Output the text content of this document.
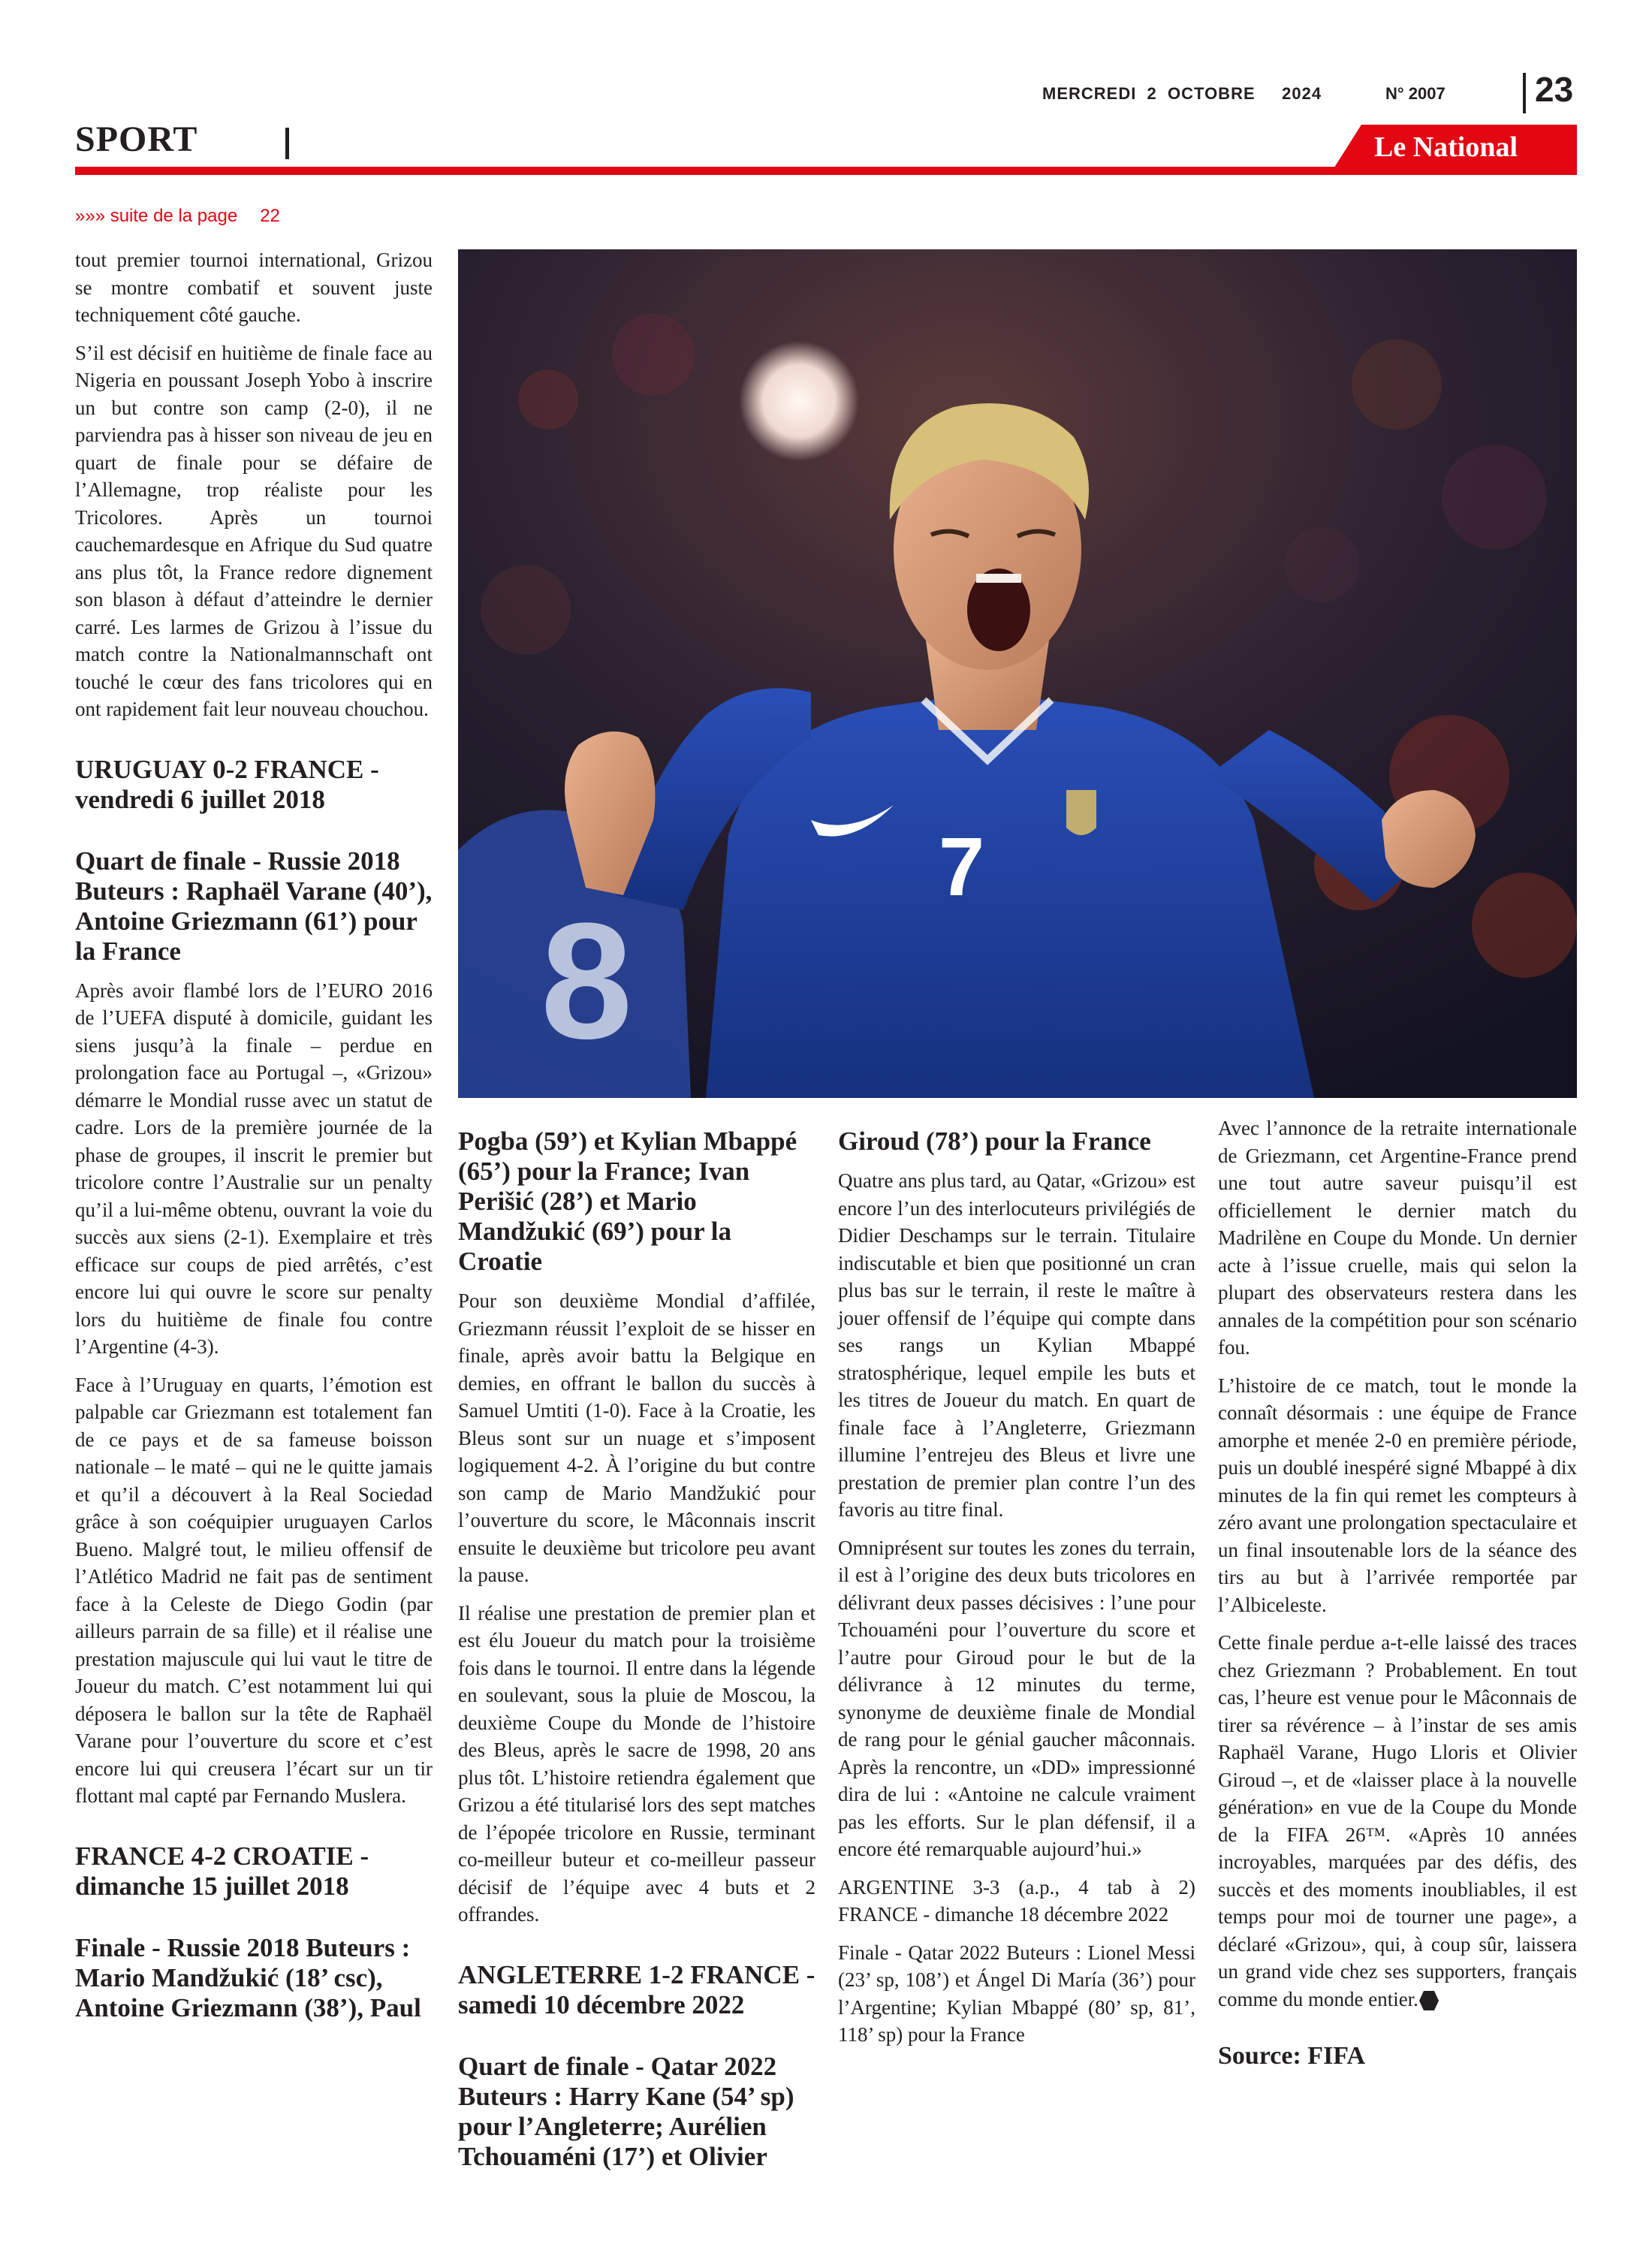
MERCREDI  2  OCTOBRE     2024	N° 2007	23
SPORT	Le National
»»» suite de la page 22
8
7

tout premier tournoi international, Grizou se montre combatif et souvent juste techniquement côté gauche.

S’il est décisif en huitième de finale face au Nigeria en poussant Joseph Yobo à inscrire un but contre son camp (2-0), il ne parviendra pas à hisser son niveau de jeu en quart de finale pour se défaire de l’Allemagne, trop réaliste pour les Tricolores. Après un tournoi cauchemardesque en Afrique du Sud quatre ans plus tôt, la France redore dignement son blason à défaut d’atteindre le dernier carré. Les larmes de Grizou à l’issue du match contre la Nationalmannschaft ont touché le cœur des fans tricolores qui en ont rapidement fait leur nouveau chouchou.

URUGUAY 0-2 FRANCE - vendredi 6 juillet 2018
Quart de finale - Russie 2018 Buteurs : Raphaël Varane (40’), Antoine Griezmann (61’) pour la France

Après avoir flambé lors de l’EURO 2016 de l’UEFA disputé à domicile, guidant les siens jusqu’à la finale – perdue en prolongation face au Portugal –, «Grizou» démarre le Mondial russe avec un statut de cadre. Lors de la première journée de la phase de groupes, il inscrit le premier but tricolore contre l’Australie sur un penalty qu’il a lui-même obtenu, ouvrant la voie du succès aux siens (2-1). Exemplaire et très efficace sur coups de pied arrêtés, c’est encore lui qui ouvre le score sur penalty lors du huitième de finale fou contre l’Argentine (4-3).

Face à l’Uruguay en quarts, l’émotion est palpable car Griezmann est totalement fan de ce pays et de sa fameuse boisson nationale – le maté – qui ne le quitte jamais et qu’il a découvert à la Real Sociedad grâce à son coéquipier uruguayen Carlos Bueno. Malgré tout, le milieu offensif de l’Atlético Madrid ne fait pas de sentiment face à la Celeste de Diego Godin (par ailleurs parrain de sa fille) et il réalise une prestation majuscule qui lui vaut le titre de Joueur du match. C’est notamment lui qui déposera le ballon sur la tête de Raphaël Varane pour l’ouverture du score et c’est encore lui qui creusera l’écart sur un tir flottant mal capté par Fernando Muslera.

FRANCE 4-2 CROATIE - dimanche 15 juillet 2018
Finale - Russie 2018 Buteurs : Mario Mandžukić (18’ csc), Antoine Griezmann (38’), Paul
Pogba (59’) et Kylian Mbappé (65’) pour la France; Ivan Perišić (28’) et Mario Mandžukić (69’) pour la Croatie

Pour son deuxième Mondial d’affilée, Griezmann réussit l’exploit de se hisser en finale, après avoir battu la Belgique en demies, en offrant le ballon du succès à Samuel Umtiti (1-0). Face à la Croatie, les Bleus sont sur un nuage et s’imposent logiquement 4-2. À l’origine du but contre son camp de Mario Mandžukić pour l’ouverture du score, le Mâconnais inscrit ensuite le deuxième but tricolore peu avant la pause.

Il réalise une prestation de premier plan et est élu Joueur du match pour la troisième fois dans le tournoi. Il entre dans la légende en soulevant, sous la pluie de Moscou, la deuxième Coupe du Monde de l’histoire des Bleus, après le sacre de 1998, 20 ans plus tôt. L’histoire retiendra également que Grizou a été titularisé lors des sept matches de l’épopée tricolore en Russie, terminant co-meilleur buteur et co-meilleur passeur décisif de l’équipe avec 4 buts et 2 offrandes.

ANGLETERRE 1-2 FRANCE - samedi 10 décembre 2022
Quart de finale - Qatar 2022 Buteurs : Harry Kane (54’ sp) pour l’Angleterre; Aurélien Tchouaméni (17’) et Olivier
Giroud (78’) pour la France

Quatre ans plus tard, au Qatar, «Grizou» est encore l’un des interlocuteurs privilégiés de Didier Deschamps sur le terrain. Titulaire indiscutable et bien que positionné un cran plus bas sur le terrain, il reste le maître à jouer offensif de l’équipe qui compte dans ses rangs un Kylian Mbappé stratosphérique, lequel empile les buts et les titres de Joueur du match. En quart de finale face à l’Angleterre, Griezmann illumine l’entrejeu des Bleus et livre une prestation de premier plan contre l’un des favoris au titre final.

Omniprésent sur toutes les zones du terrain, il est à l’origine des deux buts tricolores en délivrant deux passes décisives : l’une pour Tchouaméni pour l’ouverture du score et l’autre pour Giroud pour le but de la délivrance à 12 minutes du terme, synonyme de deuxième finale de Mondial de rang pour le génial gaucher mâconnais. Après la rencontre, un «DD» impressionné dira de lui : «Antoine ne calcule vraiment pas les efforts. Sur le plan défensif, il a encore été remarquable aujourd’hui.»

ARGENTINE 3-3 (a.p., 4 tab à 2) FRANCE - dimanche 18 décembre 2022

Finale - Qatar 2022 Buteurs : Lionel Messi (23’ sp, 108’) et Ángel Di María (36’) pour l’Argentine; Kylian Mbappé (80’ sp, 81’, 118’ sp) pour la France

Avec l’annonce de la retraite internationale de Griezmann, cet Argentine-France prend une tout autre saveur puisqu’il est officiellement le dernier match du Madrilène en Coupe du Monde. Un dernier acte à l’issue cruelle, mais qui selon la plupart des observateurs restera dans les annales de la compétition pour son scénario fou.

L’histoire de ce match, tout le monde la connaît désormais : une équipe de France amorphe et menée 2-0 en première période, puis un doublé inespéré signé Mbappé à dix minutes de la fin qui remet les compteurs à zéro avant une prolongation spectaculaire et un final insoutenable lors de la séance des tirs au but à l’arrivée remportée par l’Albiceleste.

Cette finale perdue a-t-elle laissé des traces chez Griezmann ? Probablement. En tout cas, l’heure est venue pour le Mâconnais de tirer sa révérence – à l’instar de ses amis Raphaël Varane, Hugo Lloris et Olivier Giroud –, et de «laisser place à la nouvelle génération» en vue de la Coupe du Monde de la FIFA 26™. «Après 10 années incroyables, marquées par des défis, des succès et des moments inoubliables, il est temps pour moi de tourner une page», a déclaré «Grizou», qui, à coup sûr, laissera un grand vide chez ses supporters, français comme du monde entier.

Source: FIFA
